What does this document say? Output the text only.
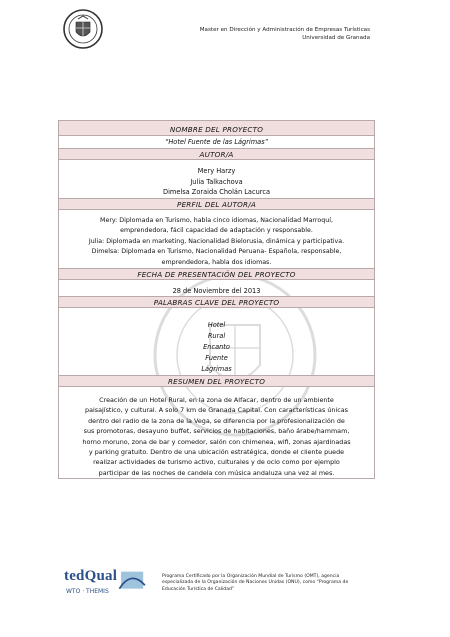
Master en Dirección y Administración de Empresas Turísticas
Universidad de Granada
NOMBRE DEL PROYECTO
“Hotel Fuente de las Lágrimas”
AUTOR/A
Mery Harzy
Julia Talkachova
Dimelsa Zoraida Cholán Lacurca
PERFIL DEL AUTOR/A
Mery: Diplomada en Turismo, habla cinco idiomas, Nacionalidad Marroquí,
emprendedora, fácil capacidad de adaptación y responsable.
Julia: Diplomada en marketing, Nacionalidad Bielorusia, dinámica y participativa.
Dimelsa: Diplomada en Turismo, Nacionalidad Peruana- Española, responsable,
emprendedora, habla dos idiomas.
FECHA DE PRESENTACIÓN DEL PROYECTO
28 de Noviembre del 2013
PALABRAS CLAVE DEL PROYECTO
Hotel
Rural
Encanto
Fuente
Lágrimas
RESUMEN DEL PROYECTO
Creación de un Hotel Rural, en la zona de Alfacar, dentro de un ambiente
paisajístico, y cultural. A solo 7 km de Granada Capital. Con características únicas
dentro del radio de la zona de la Vega, se diferencia por la profesionalización de
sus promotoras, desayuno buffet, servicios de habitaciones, baño árabe/hammam,
horno moruno, zona de bar y comedor, salón con chimenea, wifi, zonas ajardinadas
y parking gratuito. Dentro de una ubicación estratégica, donde el cliente puede
realizar actividades de turismo activo, culturales y de ocio como por ejemplo
participar de las noches de candela con música andaluza una vez al mes.
tedQual
WTO · THEMIS
Programa Certificado por la Organización Mundial de Turismo (OMT), agencia
especializada de la Organización de Naciones Unidas (ONU), como “Programa de
Educación Turística de Calidad”
